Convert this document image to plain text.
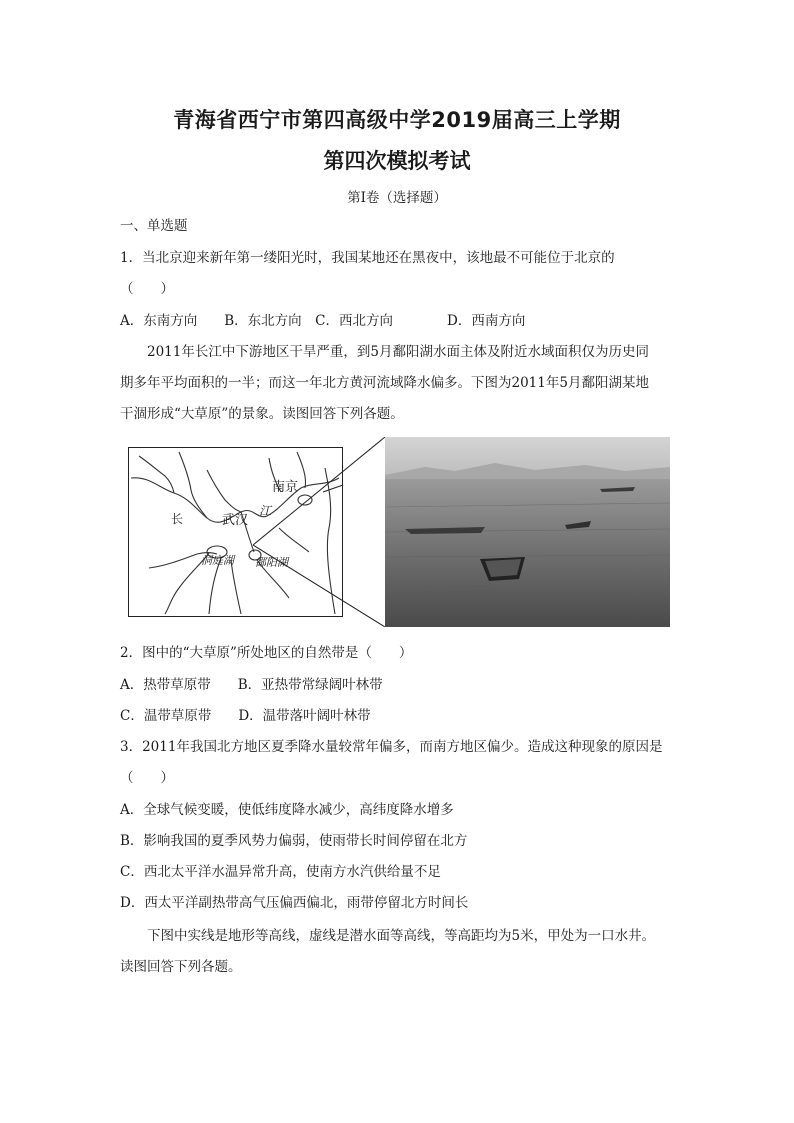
青海省西宁市第四高级中学2019届高三上学期
第四次模拟考试
第Ⅰ卷（选择题）
一、单选题
1．当北京迎来新年第一缕阳光时，我国某地还在黑夜中，该地最不可能位于北京的
（　　）
A．东南方向　　B．东北方向　C．西北方向　　　　D．西南方向
2011年长江中下游地区干旱严重，到5月鄱阳湖水面主体及附近水域面积仅为历史同
期多年平均面积的一半；而这一年北方黄河流域降水偏多。下图为2011年5月鄱阳湖某地
干涸形成“大草原”的景象。读图回答下列各题。
南京
长	武汉
江
洞庭湖 鄱阳湖
2．图中的“大草原”所处地区的自然带是（　　）
A．热带草原带　　B．亚热带常绿阔叶林带
C．温带草原带　　D．温带落叶阔叶林带
3．2011年我国北方地区夏季降水量较常年偏多，而南方地区偏少。造成这种现象的原因是
（　　）
A．全球气候变暖，使低纬度降水减少，高纬度降水增多
B．影响我国的夏季风势力偏弱，使雨带长时间停留在北方
C．西北太平洋水温异常升高，使南方水汽供给量不足
D．西太平洋副热带高气压偏西偏北，雨带停留北方时间长
下图中实线是地形等高线，虚线是潜水面等高线，等高距均为5米，甲处为一口水井。
读图回答下列各题。
